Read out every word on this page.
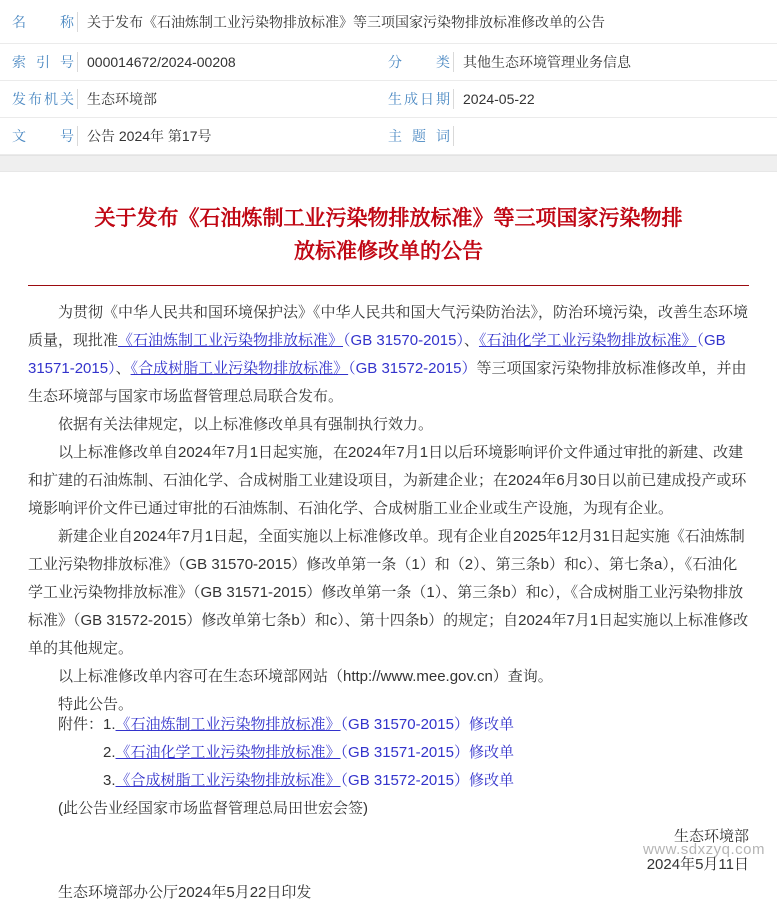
名称 关于发布《石油炼制工业污染物排放标准》等三项国家污染物排放标准修改单的公告
索引号 000014672/2024-00208	分类 其他生态环境管理业务信息
发布机关 生态环境部	生成日期 2024-05-22
文号 公告 2024年 第17号	主题词
关于发布《石油炼制工业污染物排放标准》等三项国家污染物排
放标准修改单的公告

为贯彻《中华人民共和国环境保护法》《中华人民共和国大气污染防治法》，防治环境污染，改善生态环境质量，现批准《石油炼制工业污染物排放标准》（GB 31570-2015）、《石油化学工业污染物排放标准》（GB 31571-2015）、《合成树脂工业污染物排放标准》（GB 31572-2015）等三项国家污染物排放标准修改单，并由生态环境部与国家市场监督管理总局联合发布。

依据有关法律规定，以上标准修改单具有强制执行效力。

以上标准修改单自2024年7月1日起实施，在2024年7月1日以后环境影响评价文件通过审批的新建、改建和扩建的石油炼制、石油化学、合成树脂工业建设项目，为新建企业；在2024年6月30日以前已建成投产或环境影响评价文件已通过审批的石油炼制、石油化学、合成树脂工业企业或生产设施，为现有企业。

新建企业自2024年7月1日起，全面实施以上标准修改单。现有企业自2025年12月31日起实施《石油炼制工业污染物排放标准》（GB 31570-2015）修改单第一条（1）和（2）、第三条b）和c）、第七条a），《石油化学工业污染物排放标准》（GB 31571-2015）修改单第一条（1）、第三条b）和c），《合成树脂工业污染物排放标准》（GB 31572-2015）修改单第七条b）和c）、第十四条b）的规定；自2024年7月1日起实施以上标准修改单的其他规定。

以上标准修改单内容可在生态环境部网站（http://www.mee.gov.cn）查询。

特此公告。

附件：1.《石油炼制工业污染物排放标准》（GB 31570-2015）修改单

2.《石油化学工业污染物排放标准》（GB 31571-2015）修改单

3.《合成树脂工业污染物排放标准》（GB 31572-2015）修改单

(此公告业经国家市场监督管理总局田世宏会签)

生态环境部

2024年5月11日

生态环境部办公厅2024年5月22日印发

www.sdxzyq.com
